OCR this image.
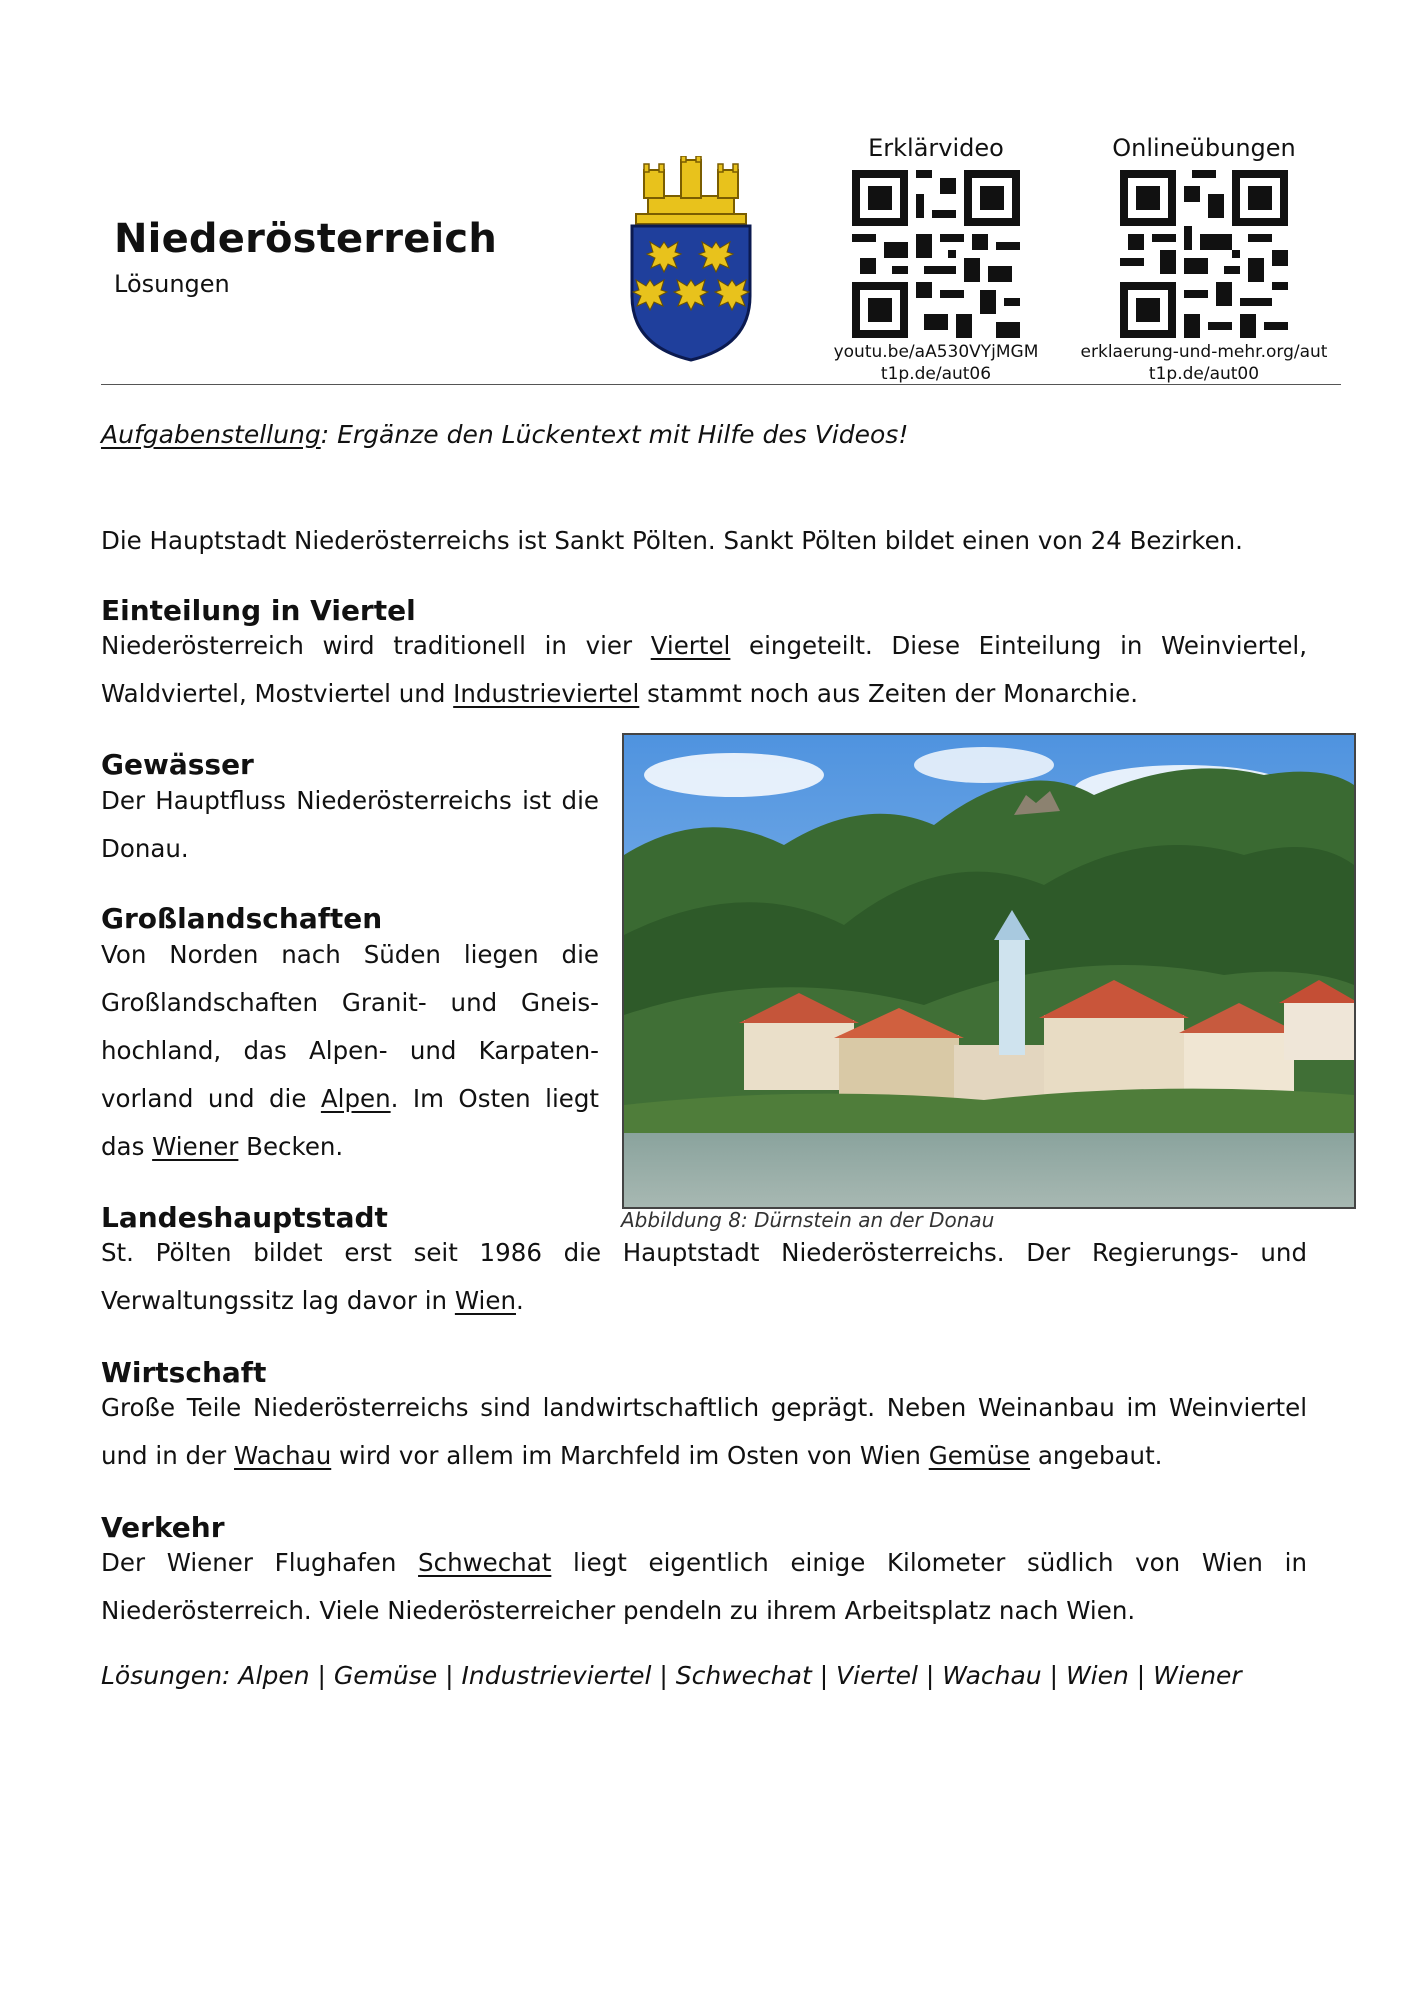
Niederösterreich
Lösungen
Erklärvideo
youtu.be/aA530VYjMGM
t1p.de/aut06
Onlineübungen
erklaerung-und-mehr.org/aut
t1p.de/aut00
Aufgabenstellung: Ergänze den Lückentext mit Hilfe des Videos!
Die Hauptstadt Niederösterreichs ist Sankt Pölten. Sankt Pölten bildet einen von 24 Bezirken.
Einteilung in Viertel
Niederösterreich wird traditionell in vier Viertel eingeteilt. Diese Einteilung in Weinviertel, Waldviertel, Mostviertel und Industrieviertel stammt noch aus Zeiten der Monarchie.
Gewässer
Der Hauptfluss Niederösterreichs ist die Donau.
Großlandschaften
Von Norden nach Süden liegen die Großlandschaften Granit- und Gneis-hochland, das Alpen- und Karpaten-vorland und die Alpen. Im Osten liegt das Wiener Becken.
Abbildung 8: Dürnstein an der Donau
Landeshauptstadt
St. Pölten bildet erst seit 1986 die Hauptstadt Niederösterreichs. Der Regierungs- und Verwaltungssitz lag davor in Wien.
Wirtschaft
Große Teile Niederösterreichs sind landwirtschaftlich geprägt. Neben Weinanbau im Weinviertel und in der Wachau wird vor allem im Marchfeld im Osten von Wien Gemüse angebaut.
Verkehr
Der Wiener Flughafen Schwechat liegt eigentlich einige Kilometer südlich von Wien in Niederösterreich. Viele Niederösterreicher pendeln zu ihrem Arbeitsplatz nach Wien.
Lösungen: Alpen | Gemüse | Industrieviertel | Schwechat | Viertel | Wachau | Wien | Wiener
